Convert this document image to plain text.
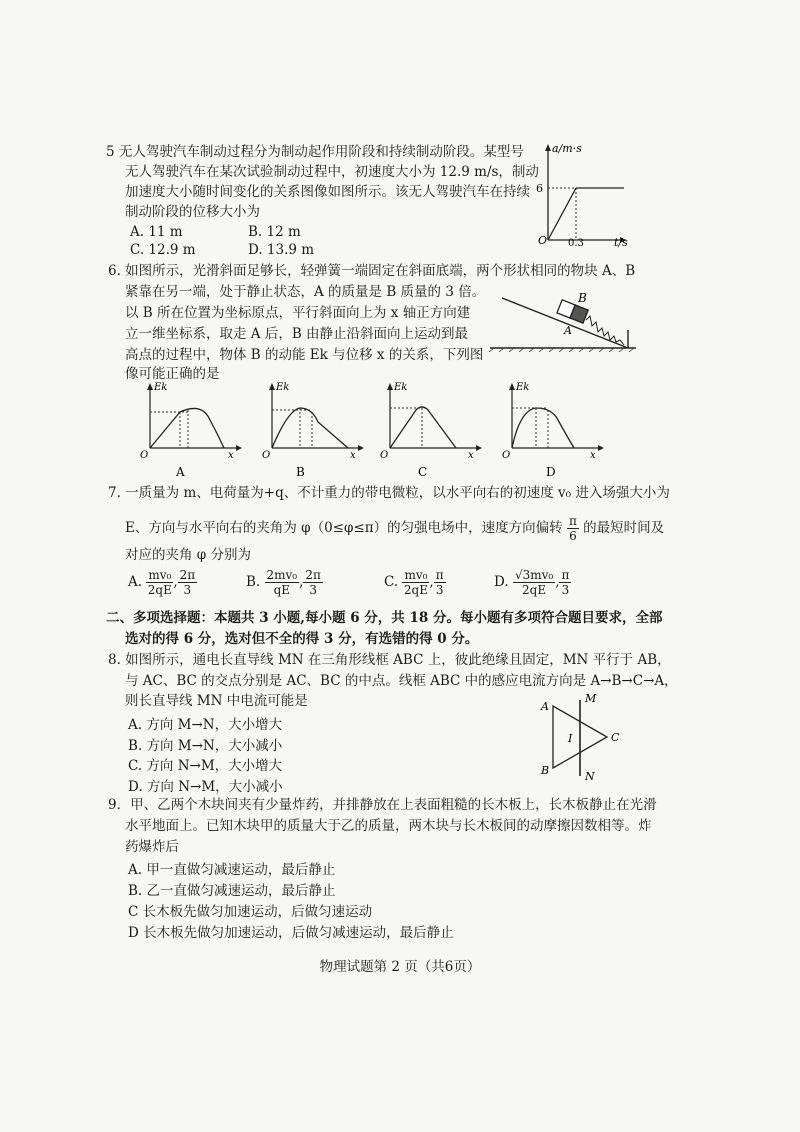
5 无人驾驶汽车制动过程分为制动起作用阶段和持续制动阶段。某型号
无人驾驶汽车在某次试验制动过程中，初速度大小为 12.9 m/s，制动
加速度大小随时间变化的关系图像如图所示。该无人驾驶汽车在持续
制动阶段的位移大小为
A. 11 m	B. 12 m
C. 12.9 m	D. 13.9 m
a/m·s
6
O 0.3	t/s
6. 如图所示，光滑斜面足够长，轻弹簧一端固定在斜面底端，两个形状相同的物块 A、B
紧靠在另一端，处于静止状态，A 的质量是 B 质量的 3 倍。
以 B 所在位置为坐标原点，平行斜面向上为 x 轴正方向建
立一维坐标系，取走 A 后，B 由静止沿斜面向上运动到最
高点的过程中，物体 B 的动能 Ek 与位移 x 的关系，下列图
像可能正确的是
B
A
Ek
O	x
A
Ek
O	x
B
Ek
O	x
C
Ek
O	x
D
7. 一质量为 m、电荷量为+q、不计重力的带电微粒，以水平向右的初速度 v₀ 进入场强大小为
E、方向与水平向右的夹角为 φ（0≤φ≤π）的匀强电场中，速度方向偏转 $\frac{\pi}{6}$ 的最短时间及
对应的夹角 φ 分别为
A. $\frac{\text{mv₀}}{2qE}$ , $\frac{2\pi}{3}$	B. $\frac{\text{2mv₀}}{qE}$ , $\frac{2\pi}{3}$	C. $\frac{\text{mv₀}}{2qE}$ , $\frac{\pi}{3}$	D. $\frac{\text{√3mv₀}}{2qE}$ , $\frac{\pi}{3}$
二、多项选择题：本题共 3 小题,每小题 6 分，共 18 分。每小题有多项符合题目要求，全部
选对的得 6 分，选对但不全的得 3 分，有选错的得 0 分。
8. 如图所示，通电长直导线 MN 在三角形线框 ABC 上，彼此绝缘且固定，MN 平行于 AB，
与 AC、BC 的交点分别是 AC、BC 的中点。线框 ABC 中的感应电流方向是 A→B→C→A，
则长直导线 MN 中电流可能是
A. 方向 M→N，大小增大
B. 方向 M→N，大小减小
C. 方向 N→M，大小增大
D. 方向 N→M，大小减小
A
B
C
M
N
I
9．甲、乙两个木块间夹有少量炸药，并排静放在上表面粗糙的长木板上，长木板静止在光滑
水平地面上。已知木块甲的质量大于乙的质量，两木块与长木板间的动摩擦因数相等。炸
药爆炸后
A. 甲一直做匀减速运动，最后静止
B. 乙一直做匀减速运动，最后静止
C 长木板先做匀加速运动，后做匀速运动
D 长木板先做匀加速运动，后做匀减速运动，最后静止
物理试题第 2 页（共6页）
